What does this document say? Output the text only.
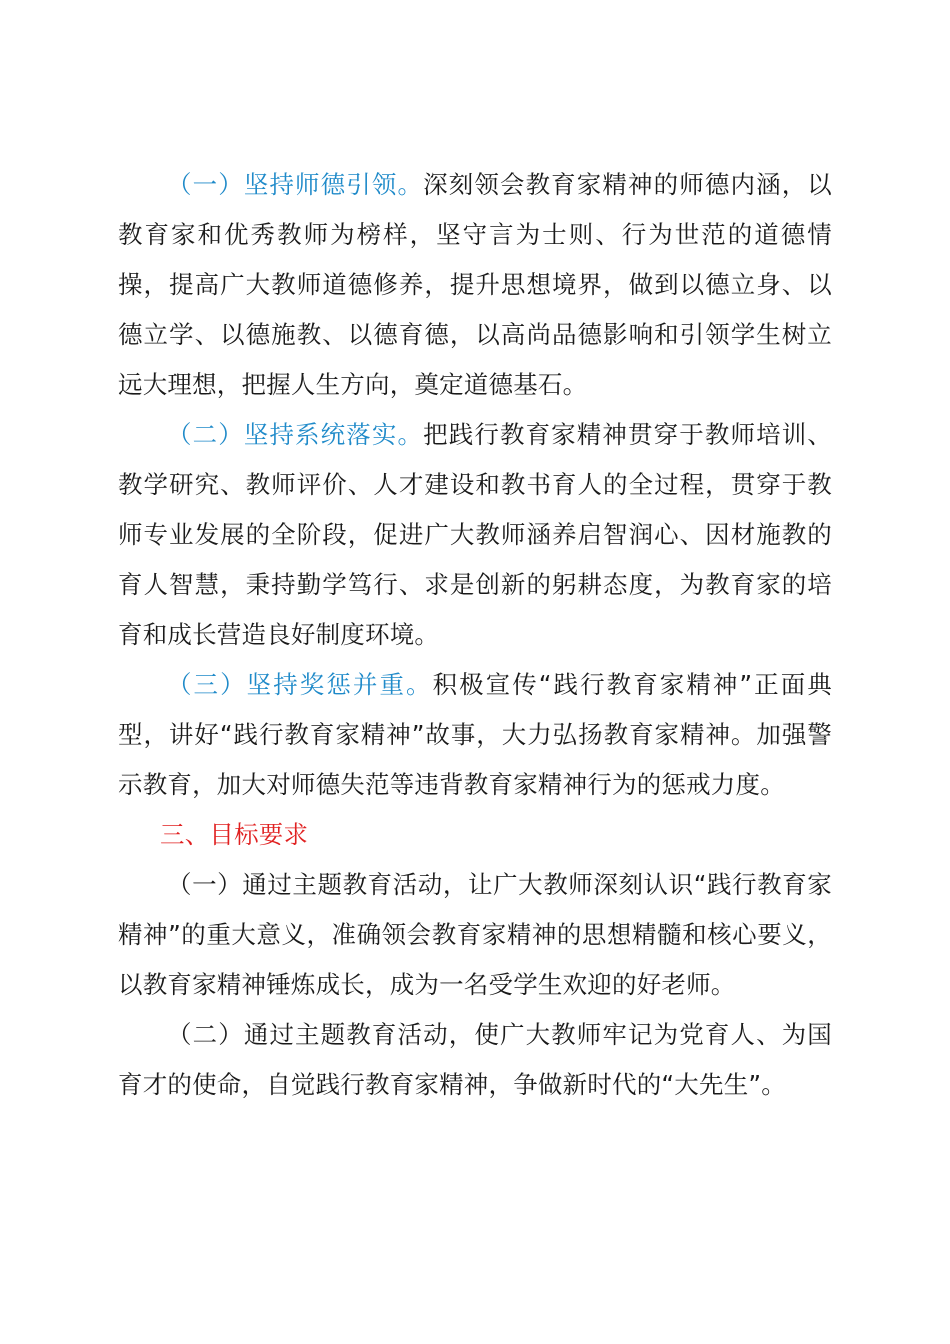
（一）坚持师德引领。深刻领会教育家精神的师德内涵，以教育家和优秀教师为榜样，坚守言为士则、行为世范的道德情操，提高广大教师道德修养，提升思想境界，做到以德立身、以德立学、以德施教、以德育德，以高尚品德影响和引领学生树立远大理想，把握人生方向，奠定道德基石。

（二）坚持系统落实。把践行教育家精神贯穿于教师培训、教学研究、教师评价、人才建设和教书育人的全过程，贯穿于教师专业发展的全阶段，促进广大教师涵养启智润心、因材施教的育人智慧，秉持勤学笃行、求是创新的躬耕态度，为教育家的培育和成长营造良好制度环境。

（三）坚持奖惩并重。积极宣传“践行教育家精神”正面典型，讲好“践行教育家精神”故事，大力弘扬教育家精神。加强警示教育，加大对师德失范等违背教育家精神行为的惩戒力度。

三、目标要求

（一）通过主题教育活动，让广大教师深刻认识“践行教育家精神”的重大意义，准确领会教育家精神的思想精髓和核心要义，以教育家精神锤炼成长，成为一名受学生欢迎的好老师。

（二）通过主题教育活动，使广大教师牢记为党育人、为国育才的使命，自觉践行教育家精神，争做新时代的“大先生”。
